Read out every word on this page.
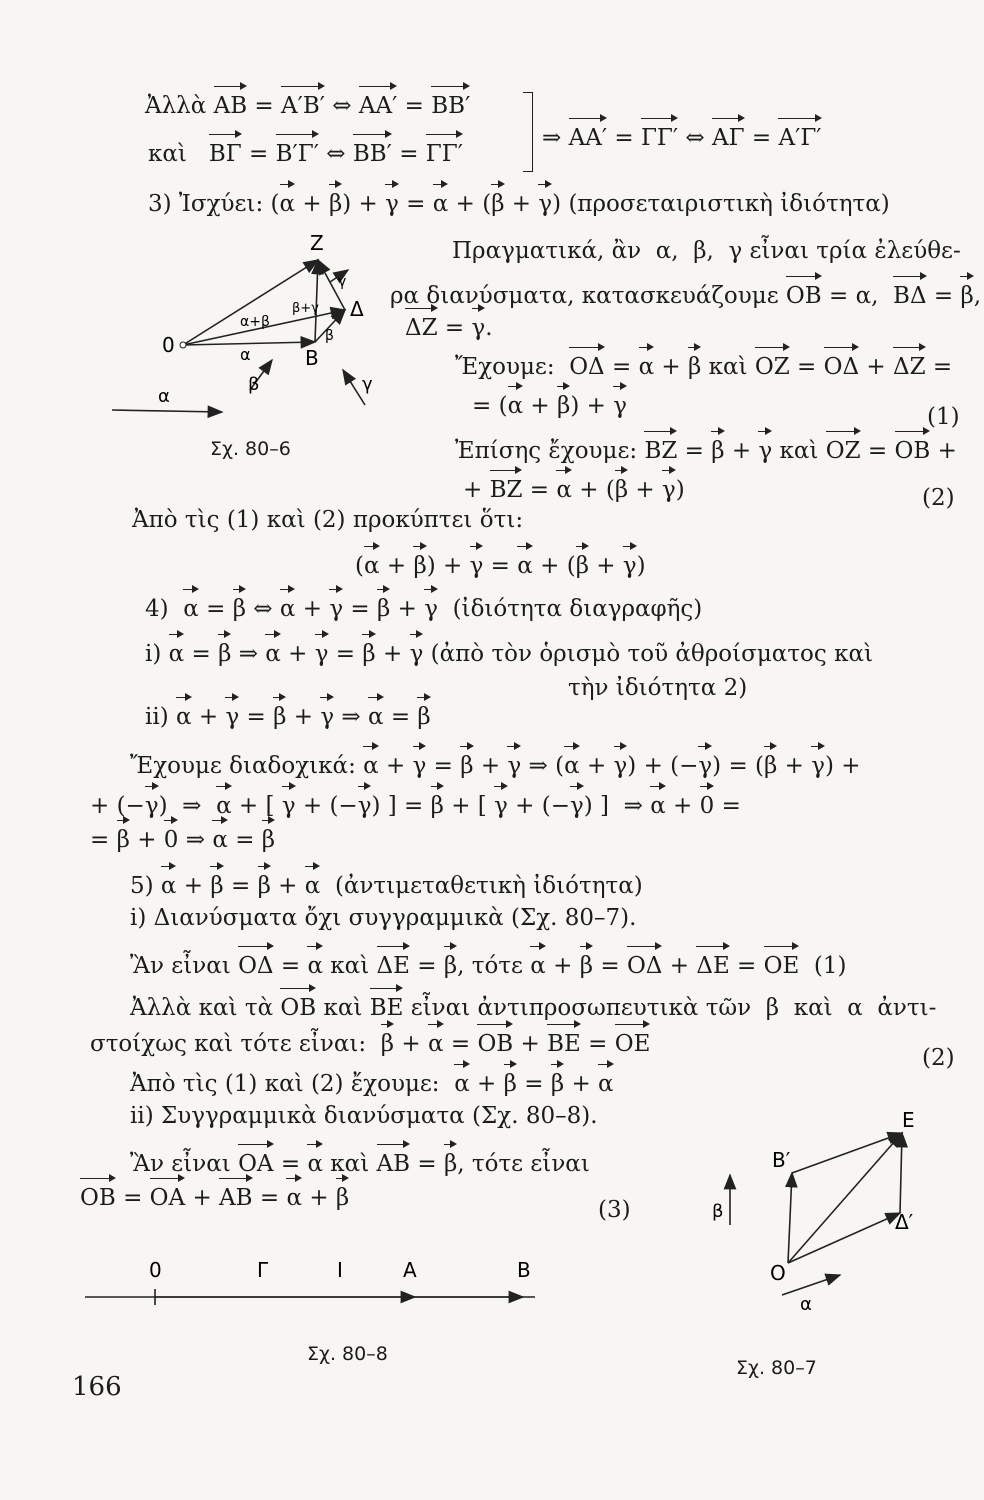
Ἀλλὰ AB = A′B′ ⇔ AA′ = BB′
καὶ   BΓ = B′Γ′ ⇔ BB′ = ΓΓ′
⇒ AA′ = ΓΓ′ ⇔ AΓ = A′Γ′
3) Ἰσχύει: (α + β) + γ = α + (β + γ) (προσεταιριστικὴ ἰδιότητα)
Πραγματικά, ἂν  α,  β,  γ εἶναι τρία ἐλεύθε-
ρα διανύσματα, κατασκευάζουμε OB = α,  BΔ = β,
ΔZ = γ.
Ἔχουμε:  OΔ = α + β καὶ OZ = OΔ + ΔZ =
= (α + β) + γ
Ἐπίσης ἔχουμε: BZ = β + γ καὶ OZ = OB +
+ BZ = α + (β + γ)
Ἀπὸ τὶς (1) καὶ (2) προκύπτει ὅτι:
(α + β) + γ = α + (β + γ)
4)  α = β ⇔ α + γ = β + γ  (ἰδιότητα διαγραφῆς)
i) α = β ⇒ α + γ = β + γ (ἀπὸ τὸν ὁρισμὸ τοῦ ἀθροίσματος καὶ
τὴν ἰδιότητα 2)
ii) α + γ = β + γ ⇒ α = β
Ἔχουμε διαδοχικά: α + γ = β + γ ⇒ (α + γ) + (−γ) = (β + γ) +
+ (−γ)  ⇒  α + [ γ + (−γ) ] = β + [ γ + (−γ) ]  ⇒ α + 0 =
= β + 0 ⇒ α = β
5) α + β = β + α  (ἀντιμεταθετικὴ ἰδιότητα)
i) Διανύσματα ὄχι συγγραμμικὰ (Σχ. 80–7).
Ἂν εἶναι OΔ = α καὶ ΔE = β, τότε α + β = OΔ + ΔE = OE  (1)
Ἀλλὰ καὶ τὰ OB καὶ BE εἶναι ἀντιπροσωπευτικὰ τῶν  β  καὶ  α  ἀντι-
στοίχως καὶ τότε εἶναι:  β + α = OB + BE = OE
Ἀπὸ τὶς (1) καὶ (2) ἔχουμε:  α + β = β + α
ii) Συγγραμμικὰ διανύσματα (Σχ. 80–8).
Ἂν εἶναι OA = α καὶ AB = β, τότε εἶναι
OB = OA + AB = α + β
Z
0
B
Δ
α+β
β+γ
α
β
γ
α
β	γ
E
B′
O
Δ′
α
β
0	Γ	Ι	A	B
(1)
(2)
(2)
(3)
Σχ. 80–6
Σχ. 80–8
Σχ. 80–7
166
